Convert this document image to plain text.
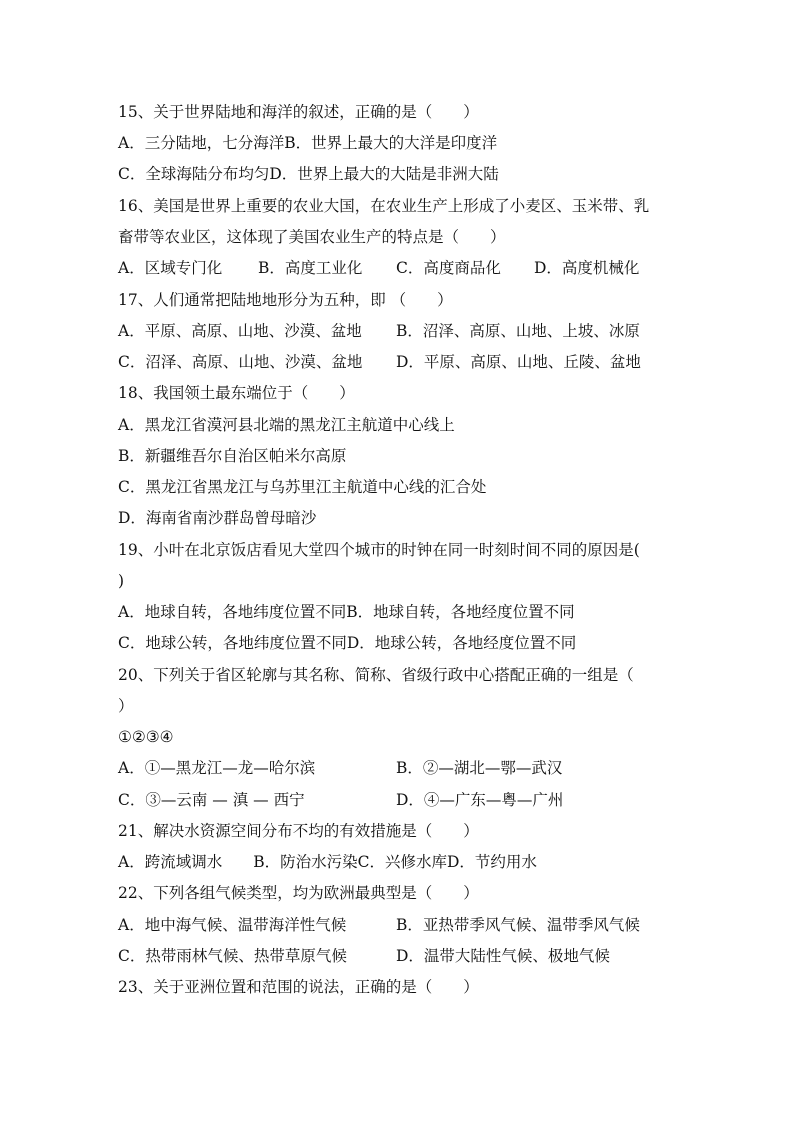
15、关于世界陆地和海洋的叙述，正确的是（　　）
A．三分陆地，七分海洋B．世界上最大的大洋是印度洋
C．全球海陆分布均匀D．世界上最大的大陆是非洲大陆
16、美国是世界上重要的农业大国，在农业生产上形成了小麦区、玉米带、乳
畜带等农业区，这体现了美国农业生产的特点是（　　）
A．区域专门化 B．高度工业化 C．高度商品化 D．高度机械化
17、人们通常把陆地地形分为五种，即 （　　）
A．平原、高原、山地、沙漠、盆地 B．沼泽、高原、山地、上坡、冰原
C．沼泽、高原、山地、沙漠、盆地 D．平原、高原、山地、丘陵、盆地
18、我国领土最东端位于（　　）
A．黑龙江省漠河县北端的黑龙江主航道中心线上
B．新疆维吾尔自治区帕米尔高原
C．黑龙江省黑龙江与乌苏里江主航道中心线的汇合处
D．海南省南沙群岛曾母暗沙
19、小叶在北京饭店看见大堂四个城市的时钟在同一时刻时间不同的原因是(
)
A．地球自转，各地纬度位置不同B．地球自转，各地经度位置不同
C．地球公转，各地纬度位置不同D．地球公转，各地经度位置不同
20、下列关于省区轮廓与其名称、简称、省级行政中心搭配正确的一组是（
）
①②③④
A．①—黑龙江—龙—哈尔滨	B．②—湖北—鄂—武汉
C．③—云南 — 滇 — 西宁	D．④—广东—粤—广州
21、解决水资源空间分布不均的有效措施是（　　）
A．跨流域调水　　B．防治水污染C．兴修水库D．节约用水
22、下列各组气候类型，均为欧洲最典型是（　　）
A．地中海气候、温带海洋性气候	B．亚热带季风气候、温带季风气候
C．热带雨林气候、热带草原气候	D．温带大陆性气候、极地气候
23、关于亚洲位置和范围的说法，正确的是（　　）
